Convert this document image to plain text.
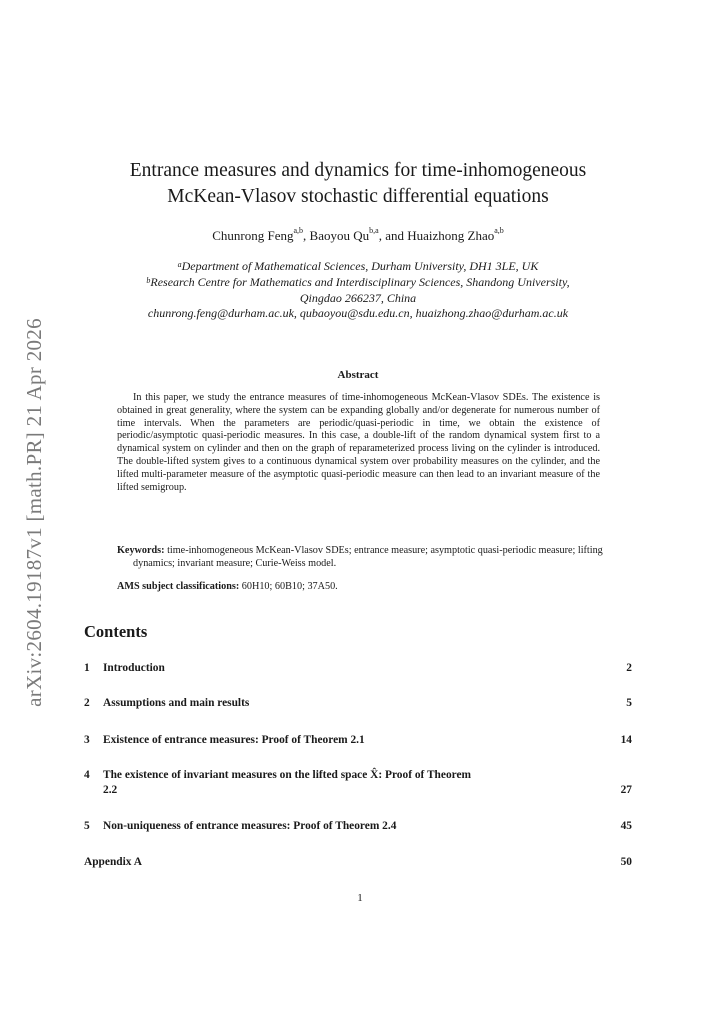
arXiv:2604.19187v1 [math.PR] 21 Apr 2026
Entrance measures and dynamics for time-inhomogeneous
McKean-Vlasov stochastic differential equations
Chunrong Feng$^{a,b}$, Baoyou Qu$^{b,a}$, and Huaizhong Zhao$^{a,b}$
$^a$Department of Mathematical Sciences, Durham University, DH1 3LE, UK
$^b$Research Centre for Mathematics and Interdisciplinary Sciences, Shandong University,
Qingdao 266237, China
chunrong.feng@durham.ac.uk, qubaoyou@sdu.edu.cn, huaizhong.zhao@durham.ac.uk
Abstract
In this paper, we study the entrance measures of time-inhomogeneous McKean-Vlasov SDEs. The existence is obtained in great generality, where the system can be expanding globally and/or degenerate for numerous number of time intervals. When the parameters are periodic/quasi-periodic in time, we obtain the existence of periodic/asymptotic quasi-periodic measures. In this case, a double-lift of the random dynamical system first to a dynamical system on cylinder and then on the graph of reparameterized process living on the cylinder is introduced. The double-lifted system gives to a continuous dynamical system over probability measures on the cylinder, and the lifted multi-parameter measure of the asymptotic quasi-periodic measure can then lead to an invariant measure of the lifted semigroup.
Keywords: time-inhomogeneous McKean-Vlasov SDEs; entrance measure; asymptotic quasi-periodic measure; lifting dynamics; invariant measure; Curie-Weiss model.
AMS subject classifications: 60H10; 60B10; 37A50.
Contents
1 Introduction	2
2 Assumptions and main results	5
3 Existence of entrance measures: Proof of Theorem 2.1	14
4 The existence of invariant measures on the lifted space X̂: Proof of Theorem
2.2	27
5 Non-uniqueness of entrance measures: Proof of Theorem 2.4	45
Appendix A	50
1
